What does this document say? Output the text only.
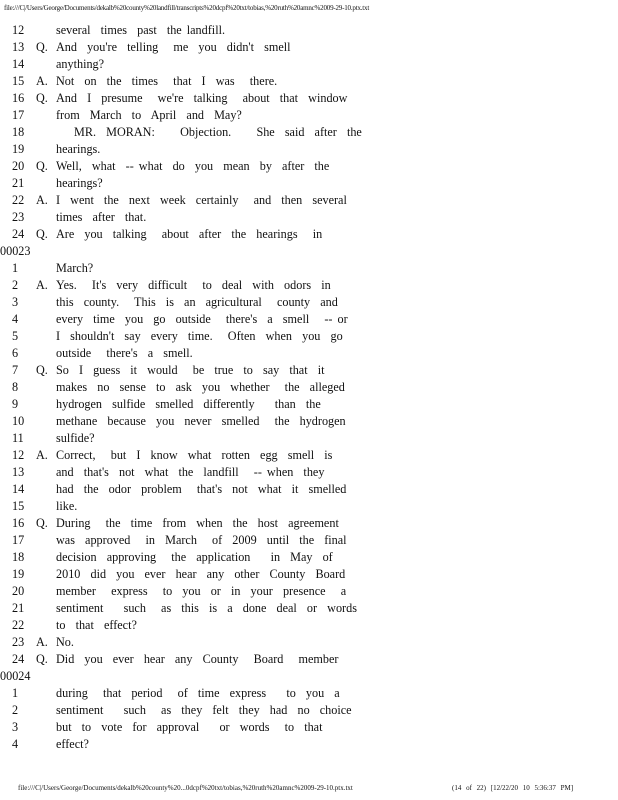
file:///C|/Users/George/Documents/dekalb%20county%20landfill/transcripts%20dcpf%20txt/tobias,%20ruth%20amnc%2009-29-10.ptx.txt
12	several  times  past  the landfill.
13 Q. And  you're  telling   me  you  didn't  smell
14	anything?
15 A. Not  on  the  times   that  I  was   there.
16 Q. And  I  presume   we're  talking   about  that  window
17	from  March  to  April  and  May?
18	MR.  MORAN:     Objection.     She  said  after  the
19	hearings.
20 Q. Well,  what  -- what  do  you  mean  by  after  the
21	hearings?
22 A. I  went  the  next  week  certainly   and  then  several
23	times  after  that.
24 Q. Are  you  talking   about  after  the  hearings   in
00023
1	March?
2	A. Yes.   It's  very  difficult   to  deal  with  odors  in
3	this  county.   This  is  an  agricultural   county  and
4	every  time  you  go  outside   there's  a  smell   -- or
5	I  shouldn't  say  every  time.   Often  when  you  go
6	outside   there's  a  smell.
7	Q. So  I  guess  it  would   be  true  to  say  that  it
8	makes  no  sense  to  ask  you  whether   the  alleged
9	hydrogen  sulfide  smelled  differently    than  the
10	methane  because  you  never  smelled   the  hydrogen
11	sulfide?
12 A. Correct,   but  I  know  what  rotten  egg  smell  is
13	and  that's  not  what  the  landfill   -- when  they
14	had  the  odor  problem   that's  not  what  it  smelled
15	like.
16 Q. During   the  time  from  when  the  host  agreement
17	was  approved   in  March   of  2009  until  the  final
18	decision  approving   the  application    in  May  of
19	2010  did  you  ever  hear  any  other  County  Board
20	member   express   to  you  or  in  your  presence   a
21	sentiment    such   as  this  is  a  done  deal  or  words
22	to  that  effect?
23 A. No.
24 Q. Did  you  ever  hear  any  County   Board   member
00024
1	during   that  period   of  time  express    to  you  a
2	sentiment    such   as  they  felt  they  had  no  choice
3	but  to  vote  for  approval    or  words   to  that
4	effect?
file:///C|/Users/George/Documents/dekalb%20county%20...0dcpf%20txt/tobias,%20ruth%20amnc%2009-29-10.ptx.txt	(14 of 22) [12/22/20 10 5:36:37 PM]
